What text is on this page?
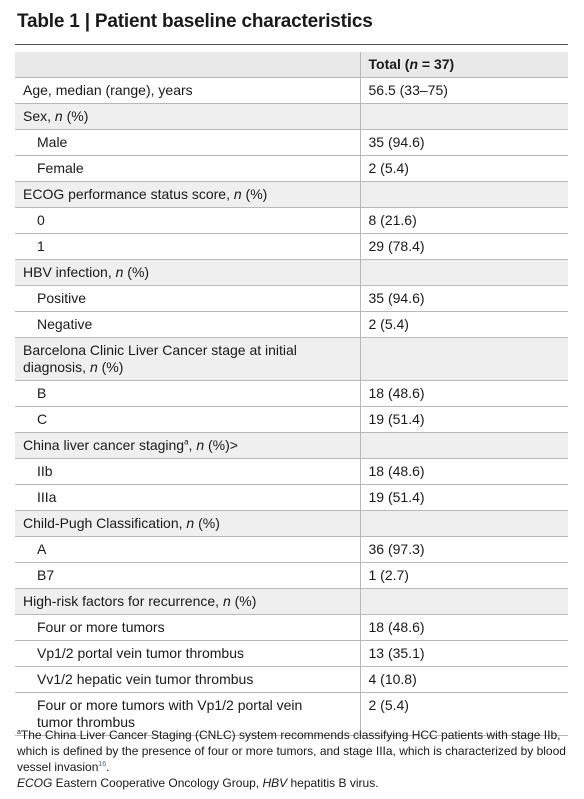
Table 1 | Patient baseline characteristics
	Total (n = 37)
Age, median (range), years	56.5 (33–75)
Sex, n (%)	
Male	35 (94.6)
Female	2 (5.4)
ECOG performance status score, n (%)	
0	8 (21.6)
1	29 (78.4)
HBV infection, n (%)	
Positive	35 (94.6)
Negative	2 (5.4)
Barcelona Clinic Liver Cancer stage at initial diagnosis, n (%)	
B	18 (48.6)
C	19 (51.4)
China liver cancer staging$^a$, n (%)>	
IIb	18 (48.6)
IIIa	19 (51.4)
Child-Pugh Classification, n (%)	
A	36 (97.3)
B7	1 (2.7)
High-risk factors for recurrence, n (%)	
Four or more tumors	18 (48.6)
Vp1/2 portal vein tumor thrombus	13 (35.1)
Vv1/2 hepatic vein tumor thrombus	4 (10.8)
Four or more tumors with Vp1/2 portal vein
tumor thrombus	2 (5.4)
$^a$The China Liver Cancer Staging (CNLC) system recommends classifying HCC patients with stage IIb, which is defined by the presence of four or more tumors, and stage IIIa, which is characterized by blood vessel invasion$^{16}$.
ECOG Eastern Cooperative Oncology Group, HBV hepatitis B virus.
